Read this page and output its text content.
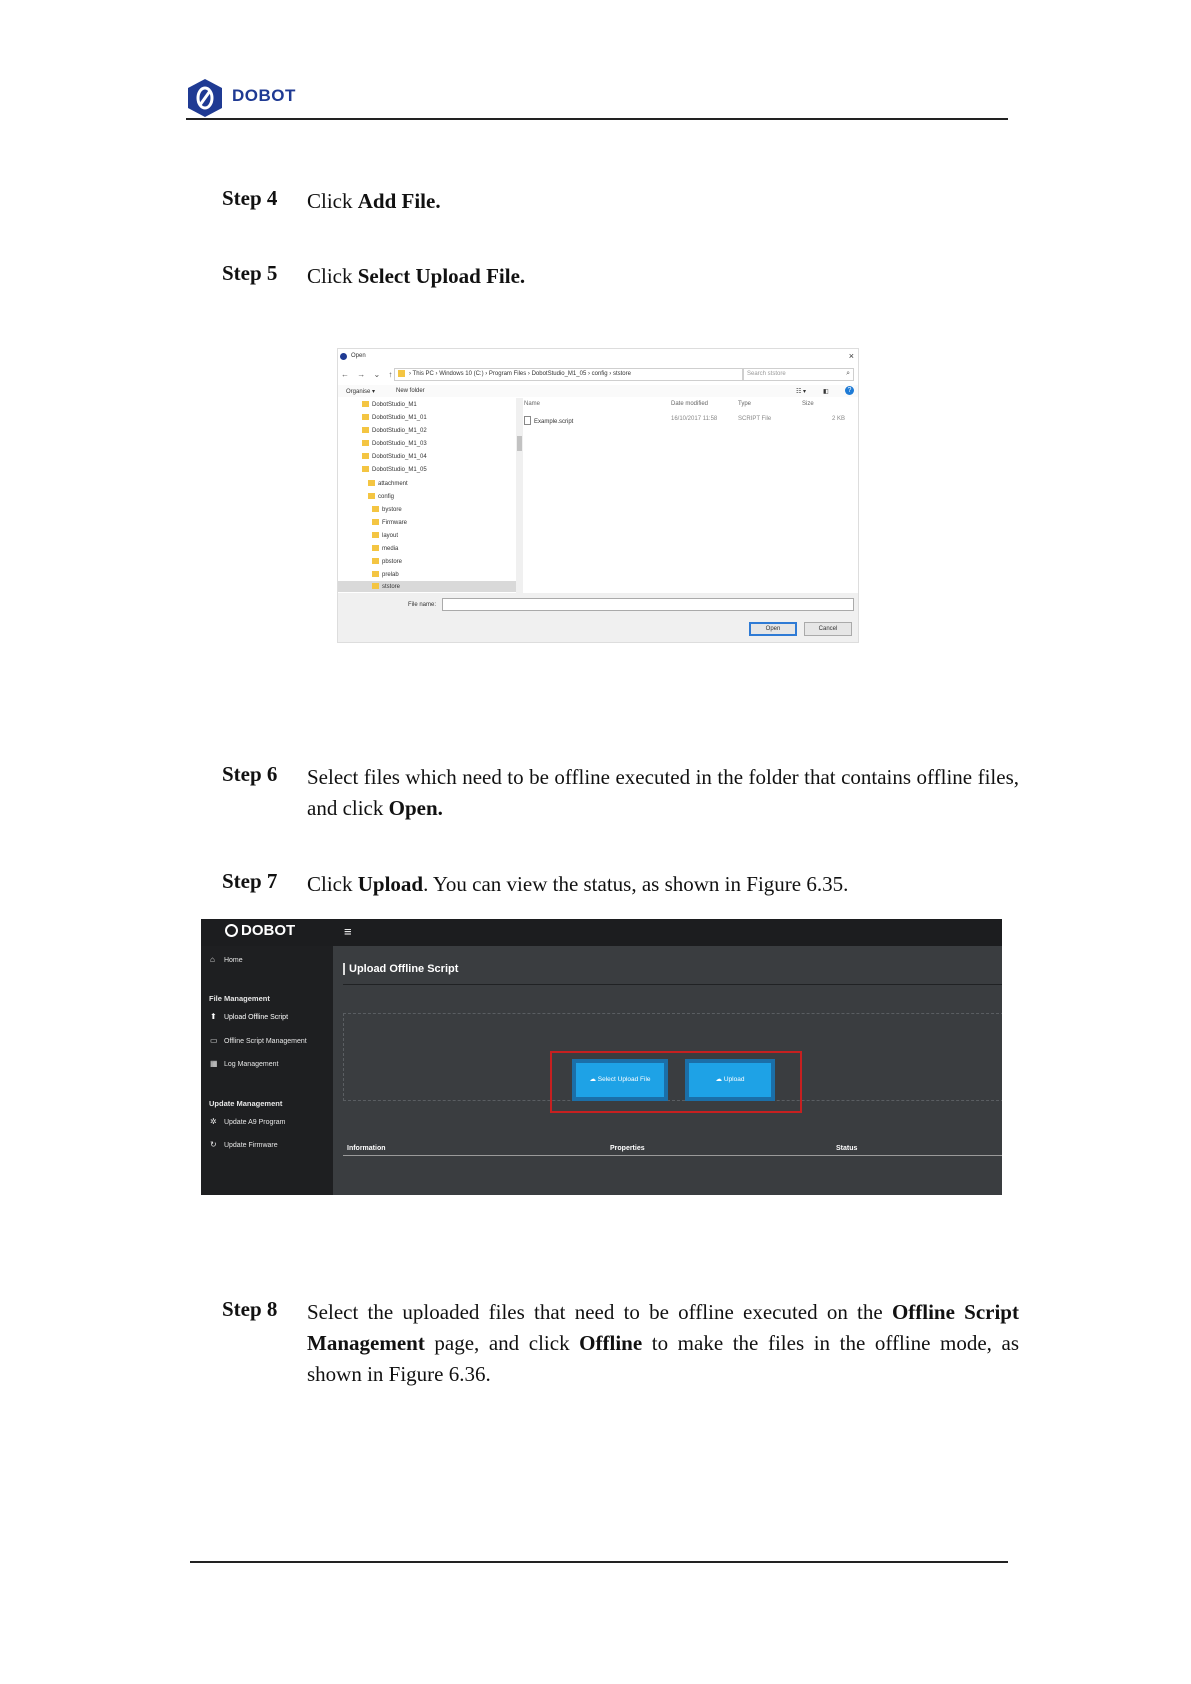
DOBOT
Step 4 Click Add File.
Step 5 Click Select Upload File.
Open	×
← → ⌄ ↑ › This PC › Windows 10 (C:) › Program Files › DobotStudio_M1_05 › config › ststore	Search ststore	⌕
Organise ▾	New folder	☷ ▾	◧	?
DobotStudio_M1
DobotStudio_M1_01
DobotStudio_M1_02
DobotStudio_M1_03
DobotStudio_M1_04
DobotStudio_M1_05
attachment
config
bystore
Firmware
layout
media
pbstore
prelab
ststore
Name	Date modified	Type	Size
Example.script	16/10/2017 11:58	SCRIPT File	2 KB
File name:
Open	Cancel
Step 6 Select files which need to be offline executed in the folder that contains offline files, and click Open.
Step 7 Click Upload. You can view the status, as shown in Figure 6.35.
DOBOT	≡
⌂ Home
File Management
⬆ Upload Offline Script
▭ Offline Script Management
▦ Log Management
Update Management
✲ Update A9 Program
↻ Update Firmware
Upload Offline Script
☁ Select Upload File	☁ Upload
Information	Properties	Status
Step 8 Select the uploaded files that need to be offline executed on the Offline Script Management page, and click Offline to make the files in the offline mode, as shown in Figure 6.36.
